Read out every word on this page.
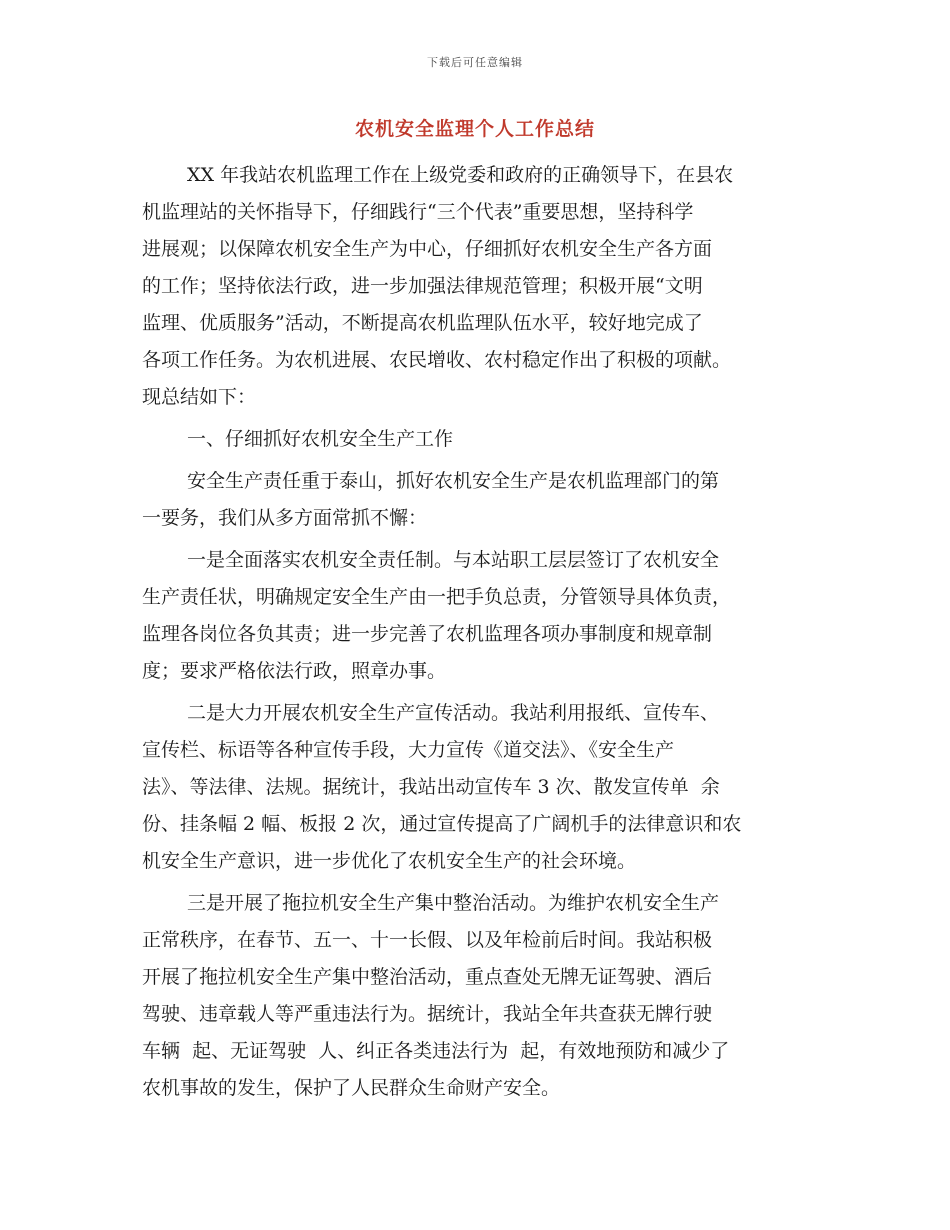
下载后可任意编辑
农机安全监理个人工作总结
XX 年我站农机监理工作在上级党委和政府的正确领导下，在县农
机监理站的关怀指导下，仔细践行“三个代表”重要思想，坚持科学
进展观；以保障农机安全生产为中心，仔细抓好农机安全生产各方面
的工作；坚持依法行政，进一步加强法律规范管理；积极开展“文明
监理、优质服务”活动，不断提高农机监理队伍水平，较好地完成了
各项工作任务。为农机进展、农民增收、农村稳定作出了积极的项献。
现总结如下：
一、仔细抓好农机安全生产工作
安全生产责任重于泰山，抓好农机安全生产是农机监理部门的第
一要务，我们从多方面常抓不懈：
一是全面落实农机安全责任制。与本站职工层层签订了农机安全
生产责任状，明确规定安全生产由一把手负总责，分管领导具体负责，
监理各岗位各负其责；进一步完善了农机监理各项办事制度和规章制
度；要求严格依法行政，照章办事。
二是大力开展农机安全生产宣传活动。我站利用报纸、宣传车、
宣传栏、标语等各种宣传手段，大力宣传《道交法》、《安全生产
法》、等法律、法规。据统计，我站出动宣传车 3 次、散发宣传单  余
份、挂条幅 2 幅、板报 2 次，通过宣传提高了广阔机手的法律意识和农
机安全生产意识，进一步优化了农机安全生产的社会环境。
三是开展了拖拉机安全生产集中整治活动。为维护农机安全生产
正常秩序，在春节、五一、十一长假、以及年检前后时间。我站积极
开展了拖拉机安全生产集中整治活动，重点查处无牌无证驾驶、酒后
驾驶、违章载人等严重违法行为。据统计，我站全年共查获无牌行驶
车辆  起、无证驾驶  人、纠正各类违法行为  起，有效地预防和减少了
农机事故的发生，保护了人民群众生命财产安全。
